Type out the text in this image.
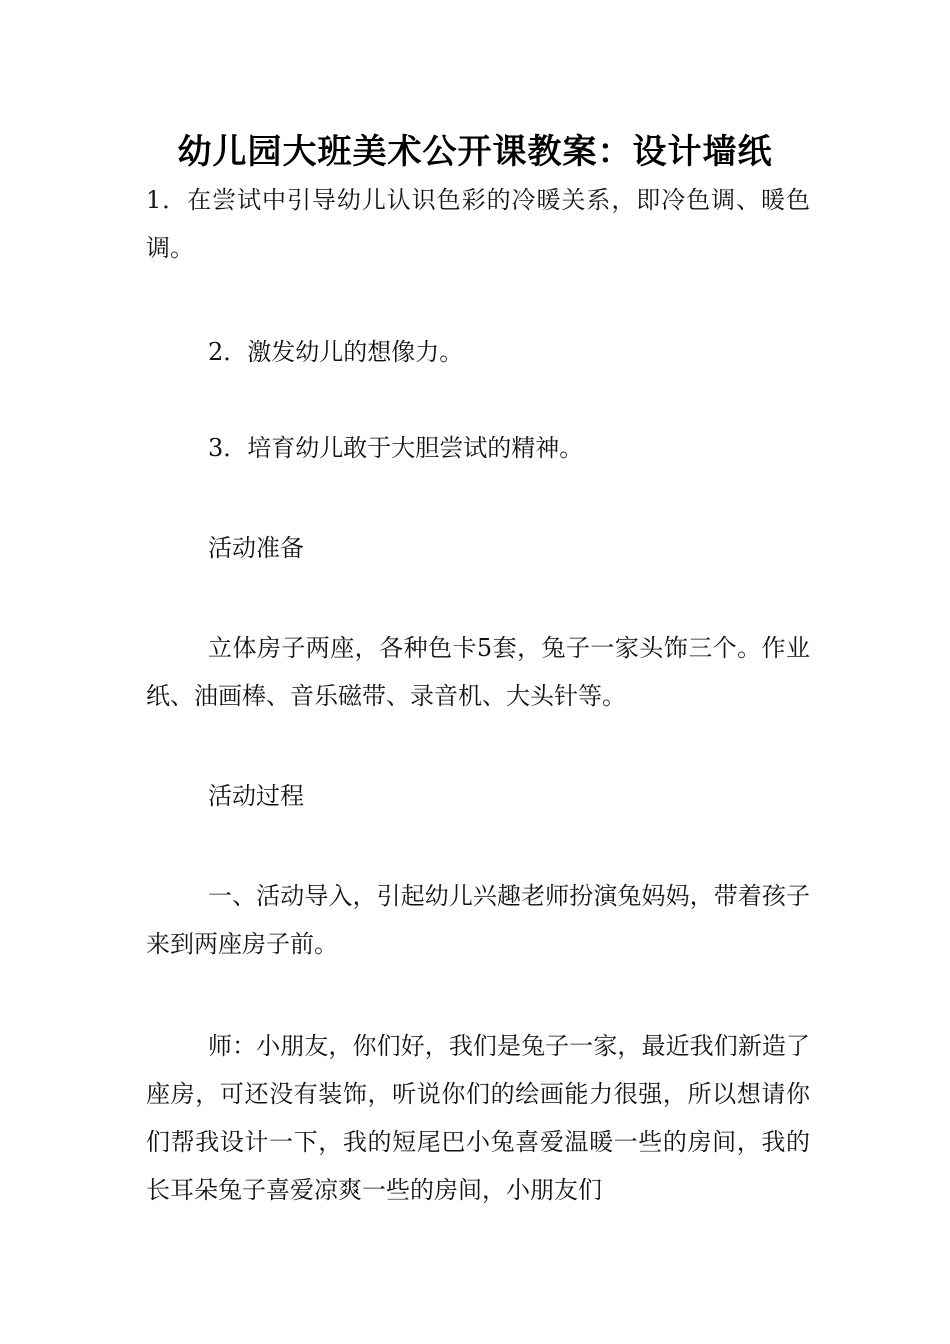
幼儿园大班美术公开课教案：设计墙纸
1．在尝试中引导幼儿认识色彩的冷暖关系，即冷色调、暖色调。
2．激发幼儿的想像力。
3．培育幼儿敢于大胆尝试的精神。
活动准备
立体房子两座，各种色卡5套，兔子一家头饰三个。作业纸、油画棒、音乐磁带、录音机、大头针等。
活动过程
一、活动导入，引起幼儿兴趣老师扮演兔妈妈，带着孩子来到两座房子前。
师：小朋友，你们好，我们是兔子一家，最近我们新造了座房，可还没有装饰，听说你们的绘画能力很强，所以想请你们帮我设计一下，我的短尾巴小兔喜爱温暖一些的房间，我的长耳朵兔子喜爱凉爽一些的房间，小朋友们
